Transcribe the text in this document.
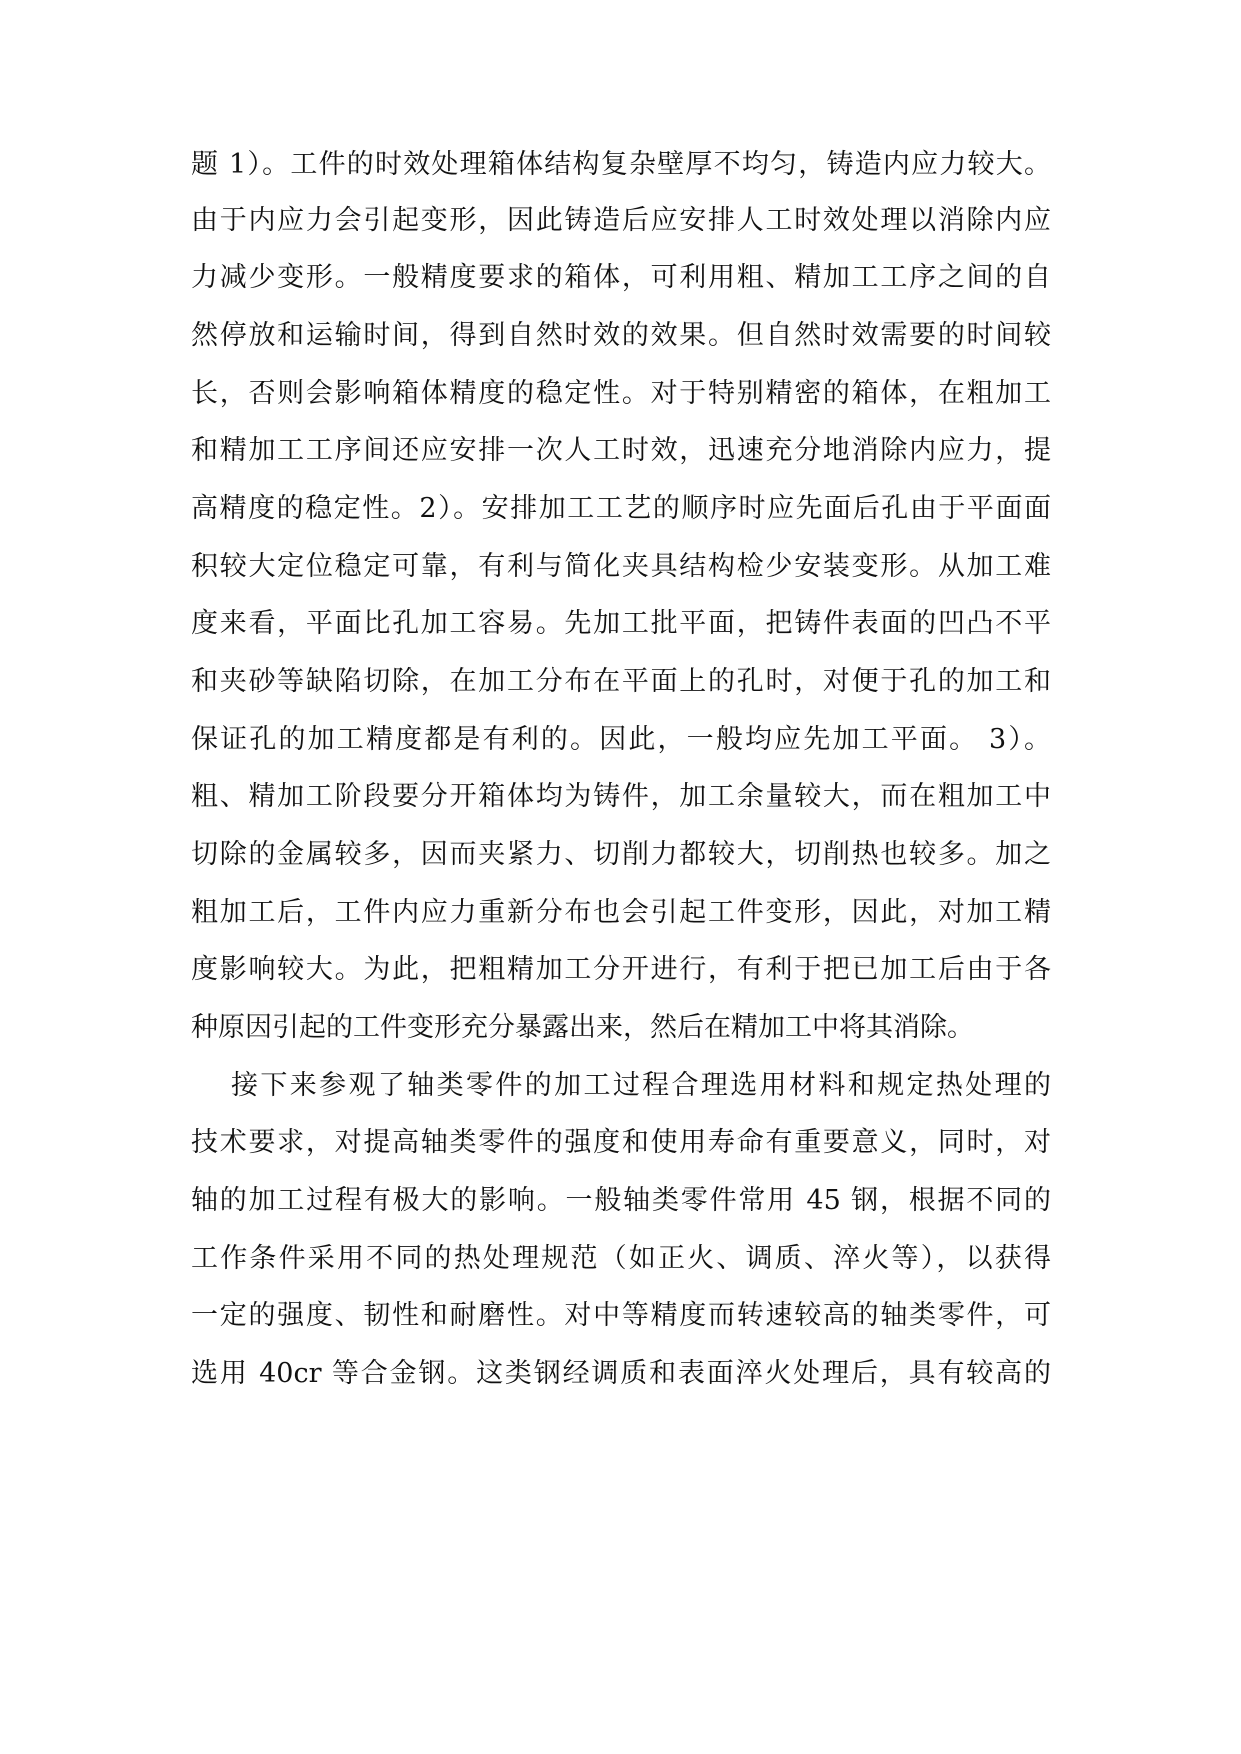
题 1）。工件的时效处理箱体结构复杂壁厚不均匀，铸造内应力较大。
由于内应力会引起变形，因此铸造后应安排人工时效处理以消除内应
力减少变形。一般精度要求的箱体，可利用粗、精加工工序之间的自
然停放和运输时间，得到自然时效的效果。但自然时效需要的时间较
长，否则会影响箱体精度的稳定性。对于特别精密的箱体，在粗加工
和精加工工序间还应安排一次人工时效，迅速充分地消除内应力，提
高精度的稳定性。2）。安排加工工艺的顺序时应先面后孔由于平面面
积较大定位稳定可靠，有利与简化夹具结构检少安装变形。从加工难
度来看，平面比孔加工容易。先加工批平面，把铸件表面的凹凸不平
和夹砂等缺陷切除，在加工分布在平面上的孔时，对便于孔的加工和
保证孔的加工精度都是有利的。因此，一般均应先加工平面。 3）。
粗、精加工阶段要分开箱体均为铸件，加工余量较大，而在粗加工中
切除的金属较多，因而夹紧力、切削力都较大，切削热也较多。加之
粗加工后，工件内应力重新分布也会引起工件变形，因此，对加工精
度影响较大。为此，把粗精加工分开进行，有利于把已加工后由于各
种原因引起的工件变形充分暴露出来，然后在精加工中将其消除。
接下来参观了轴类零件的加工过程合理选用材料和规定热处理的
技术要求，对提高轴类零件的强度和使用寿命有重要意义，同时，对
轴的加工过程有极大的影响。一般轴类零件常用 45 钢，根据不同的
工作条件采用不同的热处理规范（如正火、调质、淬火等），以获得
一定的强度、韧性和耐磨性。对中等精度而转速较高的轴类零件，可
选用 40cr 等合金钢。这类钢经调质和表面淬火处理后，具有较高的
